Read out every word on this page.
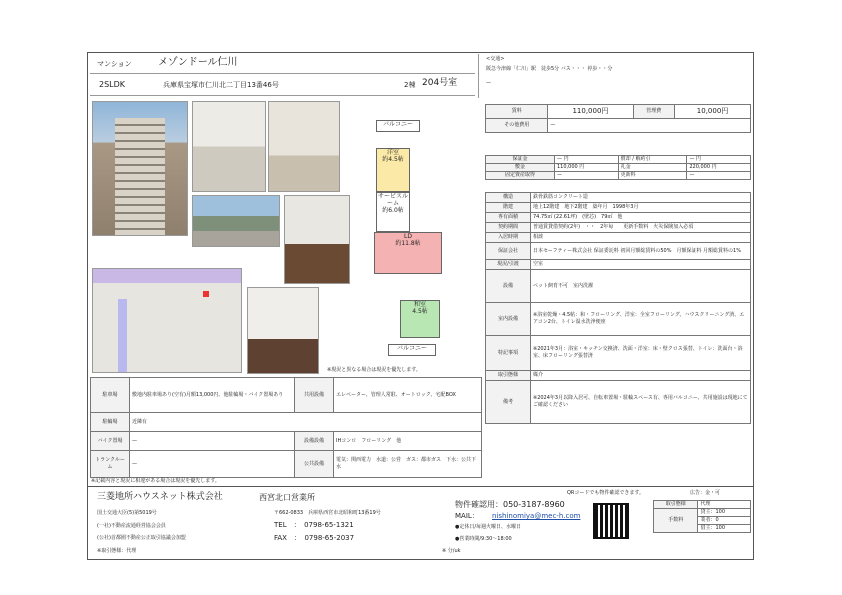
マンション	メゾンドール仁川
2SLDK	兵庫県宝塚市仁川北二丁目13番46号	2棟 204号室
<交通>
阪急今津線「仁川」駅　徒歩5分 バス・・・ 停歩・・分
—
バルコニー
洋室
約4.5帖
サービスルーム
約6.0帖
LD
約11.8帖
和室
4.5帖
バルコニー
※現況と異なる場合は現況を優先します。
賃料	110,000円	管理費	10,000円
その他費用	—		
保証金	— 円	償却 / 解約引	— 円
敷金	110,000 円	礼金	220,000 円
固定資産取得	—	更新料	—
構造	鉄骨鉄筋コンクリート造
階建	地上12階建　地下2階建　築年月　1998年3月
専有面積	74.75㎡ (22.61坪)　(壁芯)　79㎡　他
契約期間	普通賃貸借契約(2年)　・・　2年毎　　更新手数料　火災保険加入必須
入居時期	相談
保証会社	日本セーフティー株式会社 保証委託料 初回月額総賃料の50%　月額保証料 月額総賃料の1%
現況/引渡	空室
設備	ペット飼育不可　室内洗濯
室内設備	※浴室乾燥・4.5帖：和・フローリング、洋室：全室フローリング、ハウスクリーニング済、エアコン2台、トイレ温水洗浄便座
特記事項	※2021年3月：浴室・キッチン交換済、洗面・洋室：床・壁クロス張替、トイレ：洗面台・浴室、床フローリング張替済
取引態様	媒介
備考	※2024年3月以降入居可、自転車置場・駐輪スペース有、専用バルコニー、共用施設は現地にてご確認ください
駐車場	敷地内駐車場あり(空有)月額13,000円、他駐輪場・バイク置場あり	共用設備	エレベーター、管理人常駐、オートロック、宅配BOX
駐輪場	近隣有		
バイク置場	—	設備設備	IHコンロ　フローリング　他
トランクルーム	—	公共設備	電気：関西電力　水道：公営　ガス：都市ガス　下水：公共下水
※記載内容と現況に相違がある場合は現況を優先します。
三菱地所ハウスネット株式会社	西宮北口営業所
国土交通大臣(5)第5019号
(一社)不動産流通経営協会会員
(公社)首都圏不動産公正取引協議会加盟
※取引態様：代理
〒662-0833　兵庫県西宮市北昭和町13番19号
TEL　：　0798-65-1321
FAX　：　0798-65-2037
※ 分/uk
物件確認用：050-3187-8960
MAIL： nishinomiya@mec-h.com
●定休日/毎週火曜日、水曜日
●営業時間/9:30～18:00
QRコードでも物件確認できます。	広告：金・可
取引態様	代理
手数料	貸主：100
	業者：0
	借主：100
